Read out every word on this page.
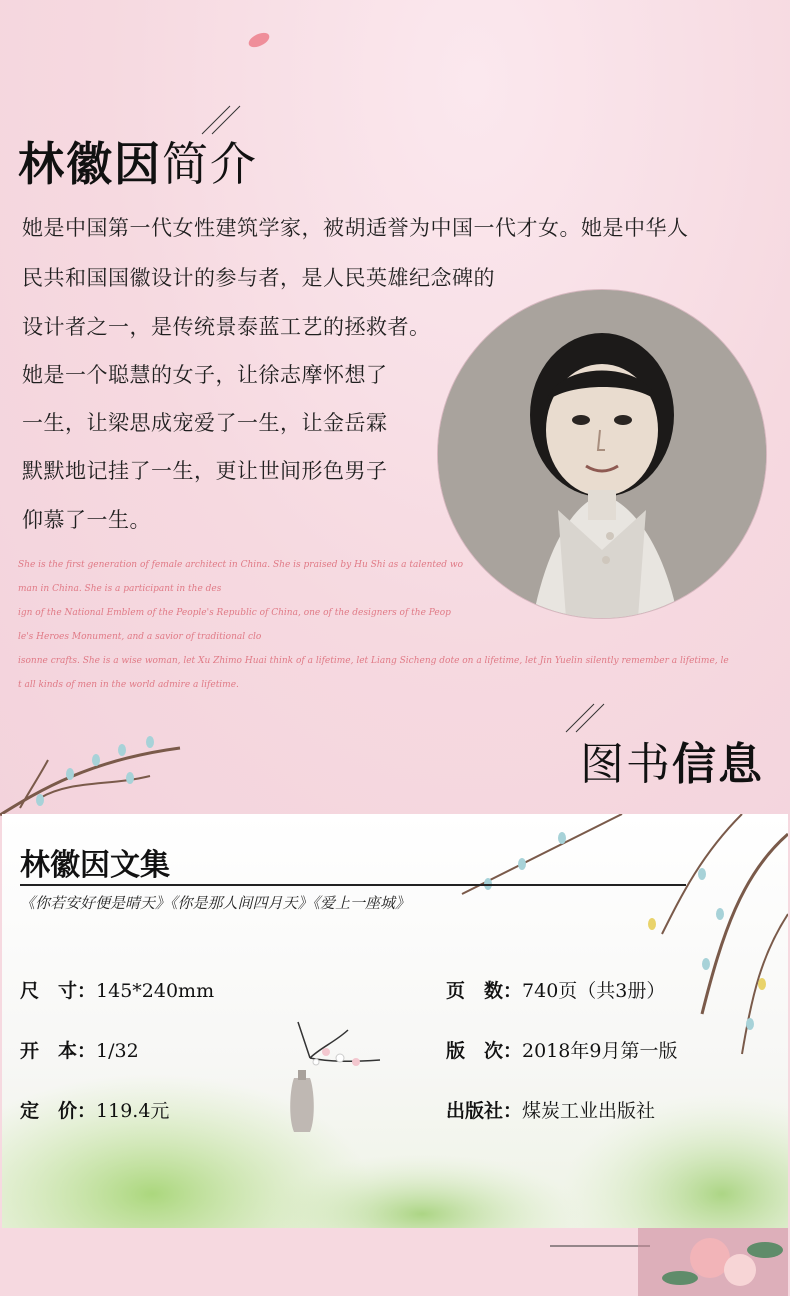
林徽因简介
她是中国第一代女性建筑学家，被胡适誉为中国一代才女。她是中华人
民共和国国徽设计的参与者，是人民英雄纪念碑的
设计者之一，是传统景泰蓝工艺的拯救者。
她是一个聪慧的女子，让徐志摩怀想了
一生，让梁思成宠爱了一生，让金岳霖
默默地记挂了一生，更让世间形色男子
仰慕了一生。
She is the first generation of female architect in China. She is praised by Hu Shi as a talented wo
man in China. She is a participant in the des
ign of the National Emblem of the People's Republic of China, one of the designers of the Peop
le's Heroes Monument, and a savior of traditional clo
isonne crafts. She is a wise woman, let Xu Zhimo Huai think of a lifetime, let Liang Sicheng dote on a lifetime, let Jin Yuelin silently remember a lifetime, le
t all kinds of men in the world admire a lifetime.
图书信息
林徽因文集
《你若安好便是晴天》《你是那人间四月天》《爱上一座城》
尺　寸：145*240mm
开　本：1/32
定　价：119.4元
页　数：740页（共3册）
版　次：2018年9月第一版
出版社：煤炭工业出版社
